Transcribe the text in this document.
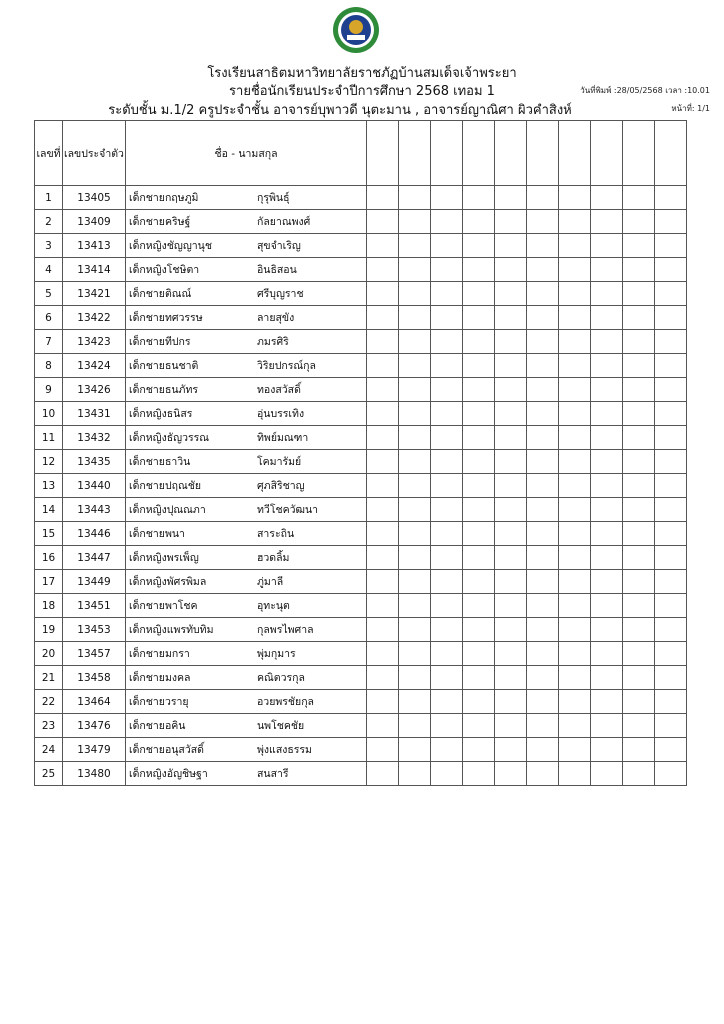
โรงเรียนสาธิตมหาวิทยาลัยราชภัฏบ้านสมเด็จเจ้าพระยา
รายชื่อนักเรียนประจำปีการศึกษา 2568 เทอม 1
ระดับชั้น ม.1/2 ครูประจำชั้น อาจารย์บุพาวดี นุตะมาน , อาจารย์ญาณิศา ผิวคำสิงห์
วันที่พิมพ์ :28/05/2568 เวลา :10.01
หน้าที่: 1/1
เลขที่	เลขประจำตัว	ชื่อ - นามสกุล										
1	13405	เด็กชายกฤษภูมิ กุรุพินธุ์										
2	13409	เด็กชายคริษฐ์ กัลยาณพงศ์										
3	13413	เด็กหญิงชัญญานุช สุขจำเริญ										
4	13414	เด็กหญิงโชษิตา อินธิสอน										
5	13421	เด็กชายติณณ์ ศรีบุญราช										
6	13422	เด็กชายทศวรรษ ลายสุขัง										
7	13423	เด็กชายทีปกร ภมรศิริ										
8	13424	เด็กชายธนชาติ วิริยปกรณ์กุล										
9	13426	เด็กชายธนภัทร ทองสวัสดิ์										
10	13431	เด็กหญิงธนิสร อุ่นบรรเทิง										
11	13432	เด็กหญิงธัญวรรณ ทิพย์มณฑา										
12	13435	เด็กชายธาวิน โคมารัมย์										
13	13440	เด็กชายปฤณชัย ศุภสิริชาญ										
14	13443	เด็กหญิงปุณณภา ทวีโชควัฒนา										
15	13446	เด็กชายพนา สาระถิน										
16	13447	เด็กหญิงพรเพ็ญ ฮวดลิ้ม										
17	13449	เด็กหญิงพัศรพิมล ภู่มาลี										
18	13451	เด็กชายพาโชค อุทะนุต										
19	13453	เด็กหญิงแพรทับทิม กุลพรไพศาล										
20	13457	เด็กชายมกรา พุ่มกุมาร										
21	13458	เด็กชายมงคล คณิตวรกุล										
22	13464	เด็กชายวรายุ อวยพรชัยกุล										
23	13476	เด็กชายอคิน นพโชคชัย										
24	13479	เด็กชายอนุสวัสดิ์ พุ่งแสงธรรม										
25	13480	เด็กหญิงอัญชิษฐา สนสารี										
